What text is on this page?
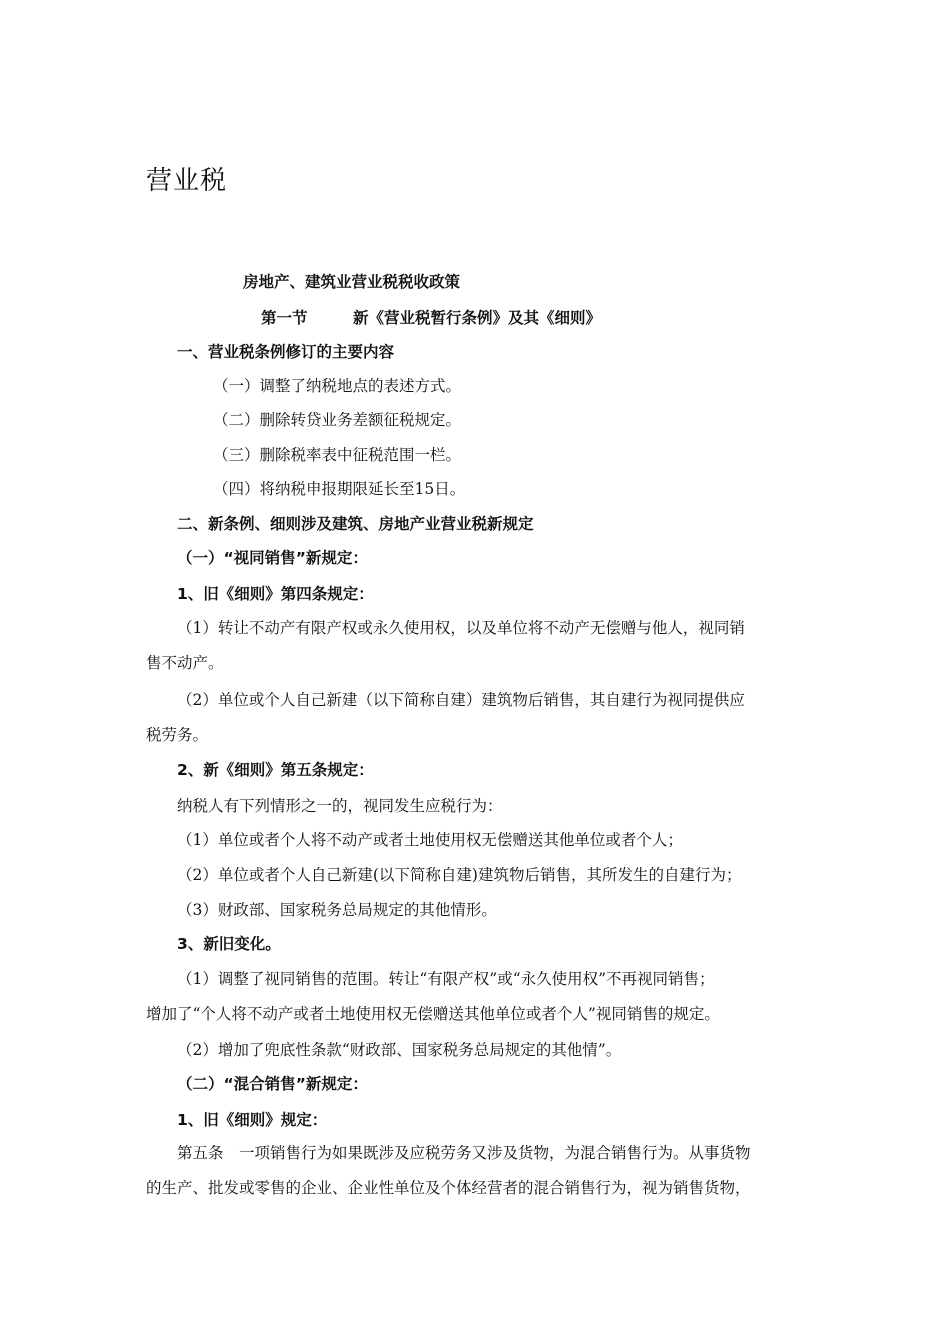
营业税
房地产、建筑业营业税税收政策
第一节	新《营业税暂行条例》及其《细则》
一、营业税条例修订的主要内容
（一）调整了纳税地点的表述方式。
（二）删除转贷业务差额征税规定。
（三）删除税率表中征税范围一栏。
（四）将纳税申报期限延长至15日。
二、新条例、细则涉及建筑、房地产业营业税新规定
（一）“视同销售”新规定：
1、旧《细则》第四条规定：
（1）转让不动产有限产权或永久使用权，以及单位将不动产无偿赠与他人，视同销
售不动产。
（2）单位或个人自己新建（以下简称自建）建筑物后销售，其自建行为视同提供应
税劳务。
2、新《细则》第五条规定：
纳税人有下列情形之一的，视同发生应税行为：
（1）单位或者个人将不动产或者土地使用权无偿赠送其他单位或者个人；
（2）单位或者个人自己新建(以下简称自建)建筑物后销售，其所发生的自建行为；
（3）财政部、国家税务总局规定的其他情形。
3、新旧变化。
（1）调整了视同销售的范围。转让“有限产权”或“永久使用权”不再视同销售；
增加了“个人将不动产或者土地使用权无偿赠送其他单位或者个人”视同销售的规定。
（2）增加了兜底性条款“财政部、国家税务总局规定的其他情”。
（二）“混合销售”新规定：
1、旧《细则》规定：
第五条　一项销售行为如果既涉及应税劳务又涉及货物，为混合销售行为。从事货物
的生产、批发或零售的企业、企业性单位及个体经营者的混合销售行为，视为销售货物，
